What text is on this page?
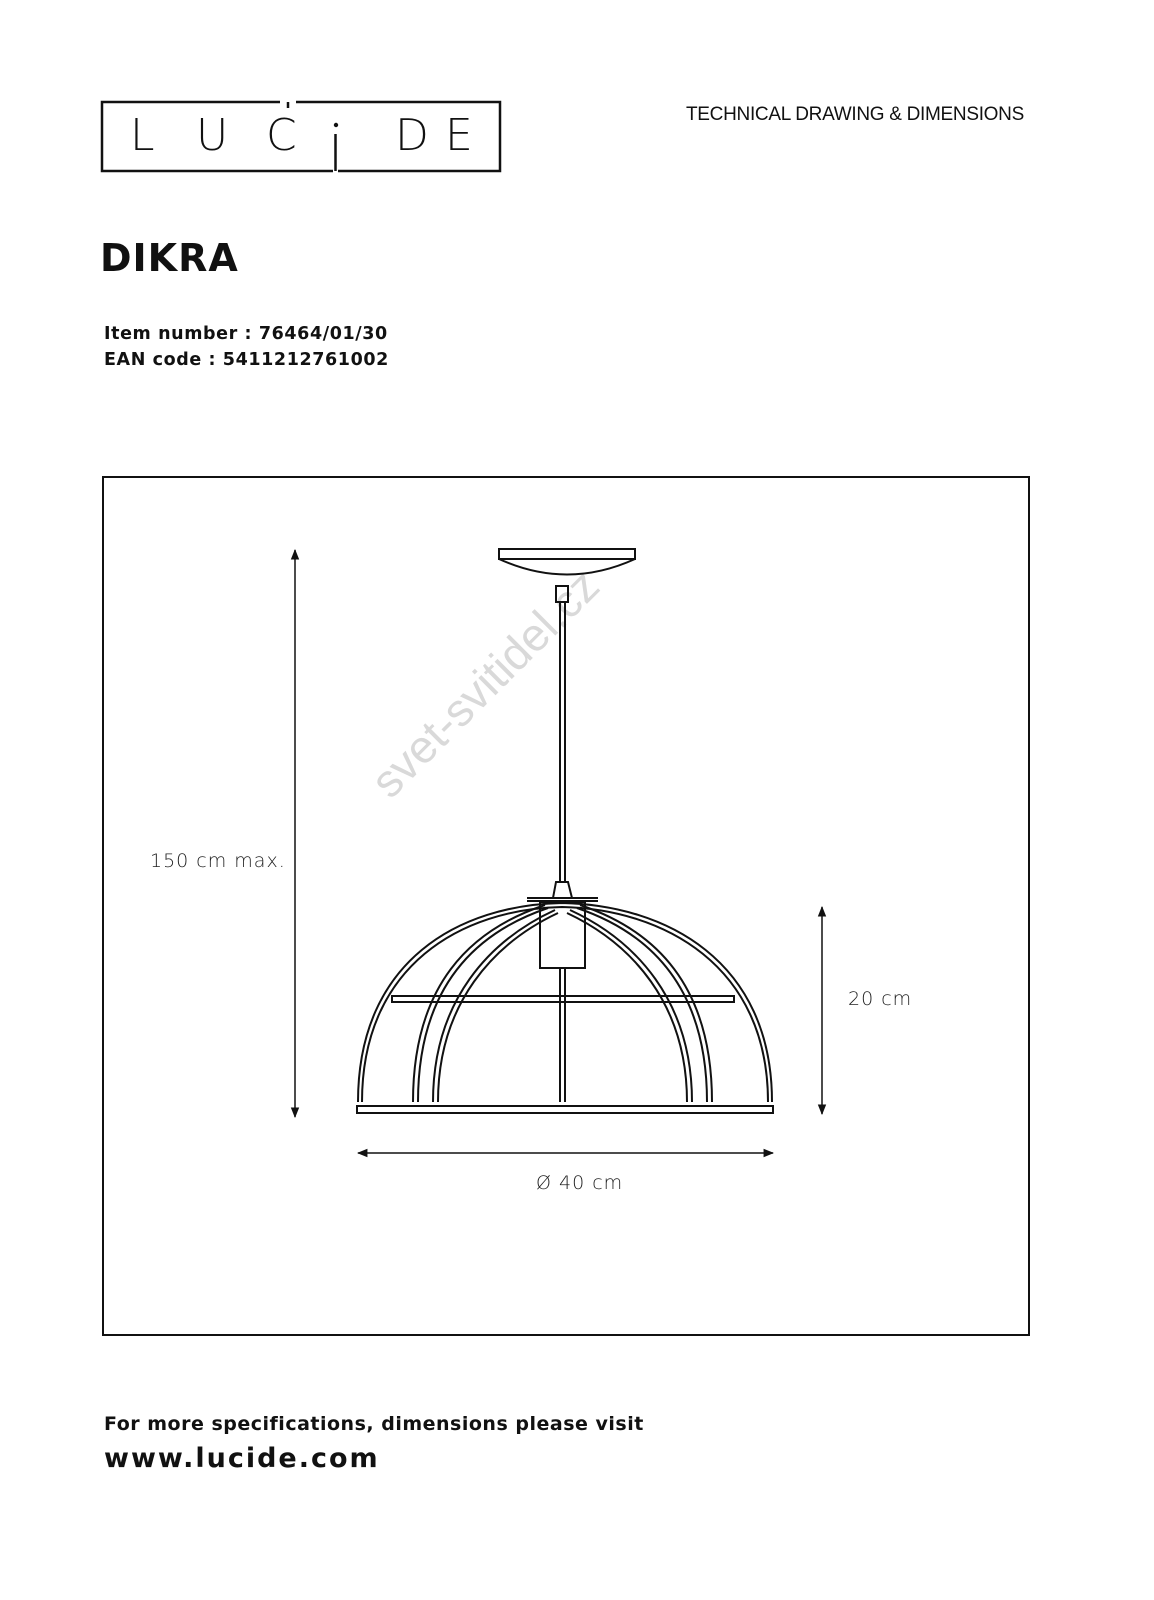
L U C D E	TECHNICAL DRAWING & DIMENSIONS
DIKRA
Item number : 76464/01/30
EAN code : 5411212761002
svet-svitidel.cz
150 cm max.
20 cm
Ø 40 cm
For more specifications, dimensions please visit
www.lucide.com
